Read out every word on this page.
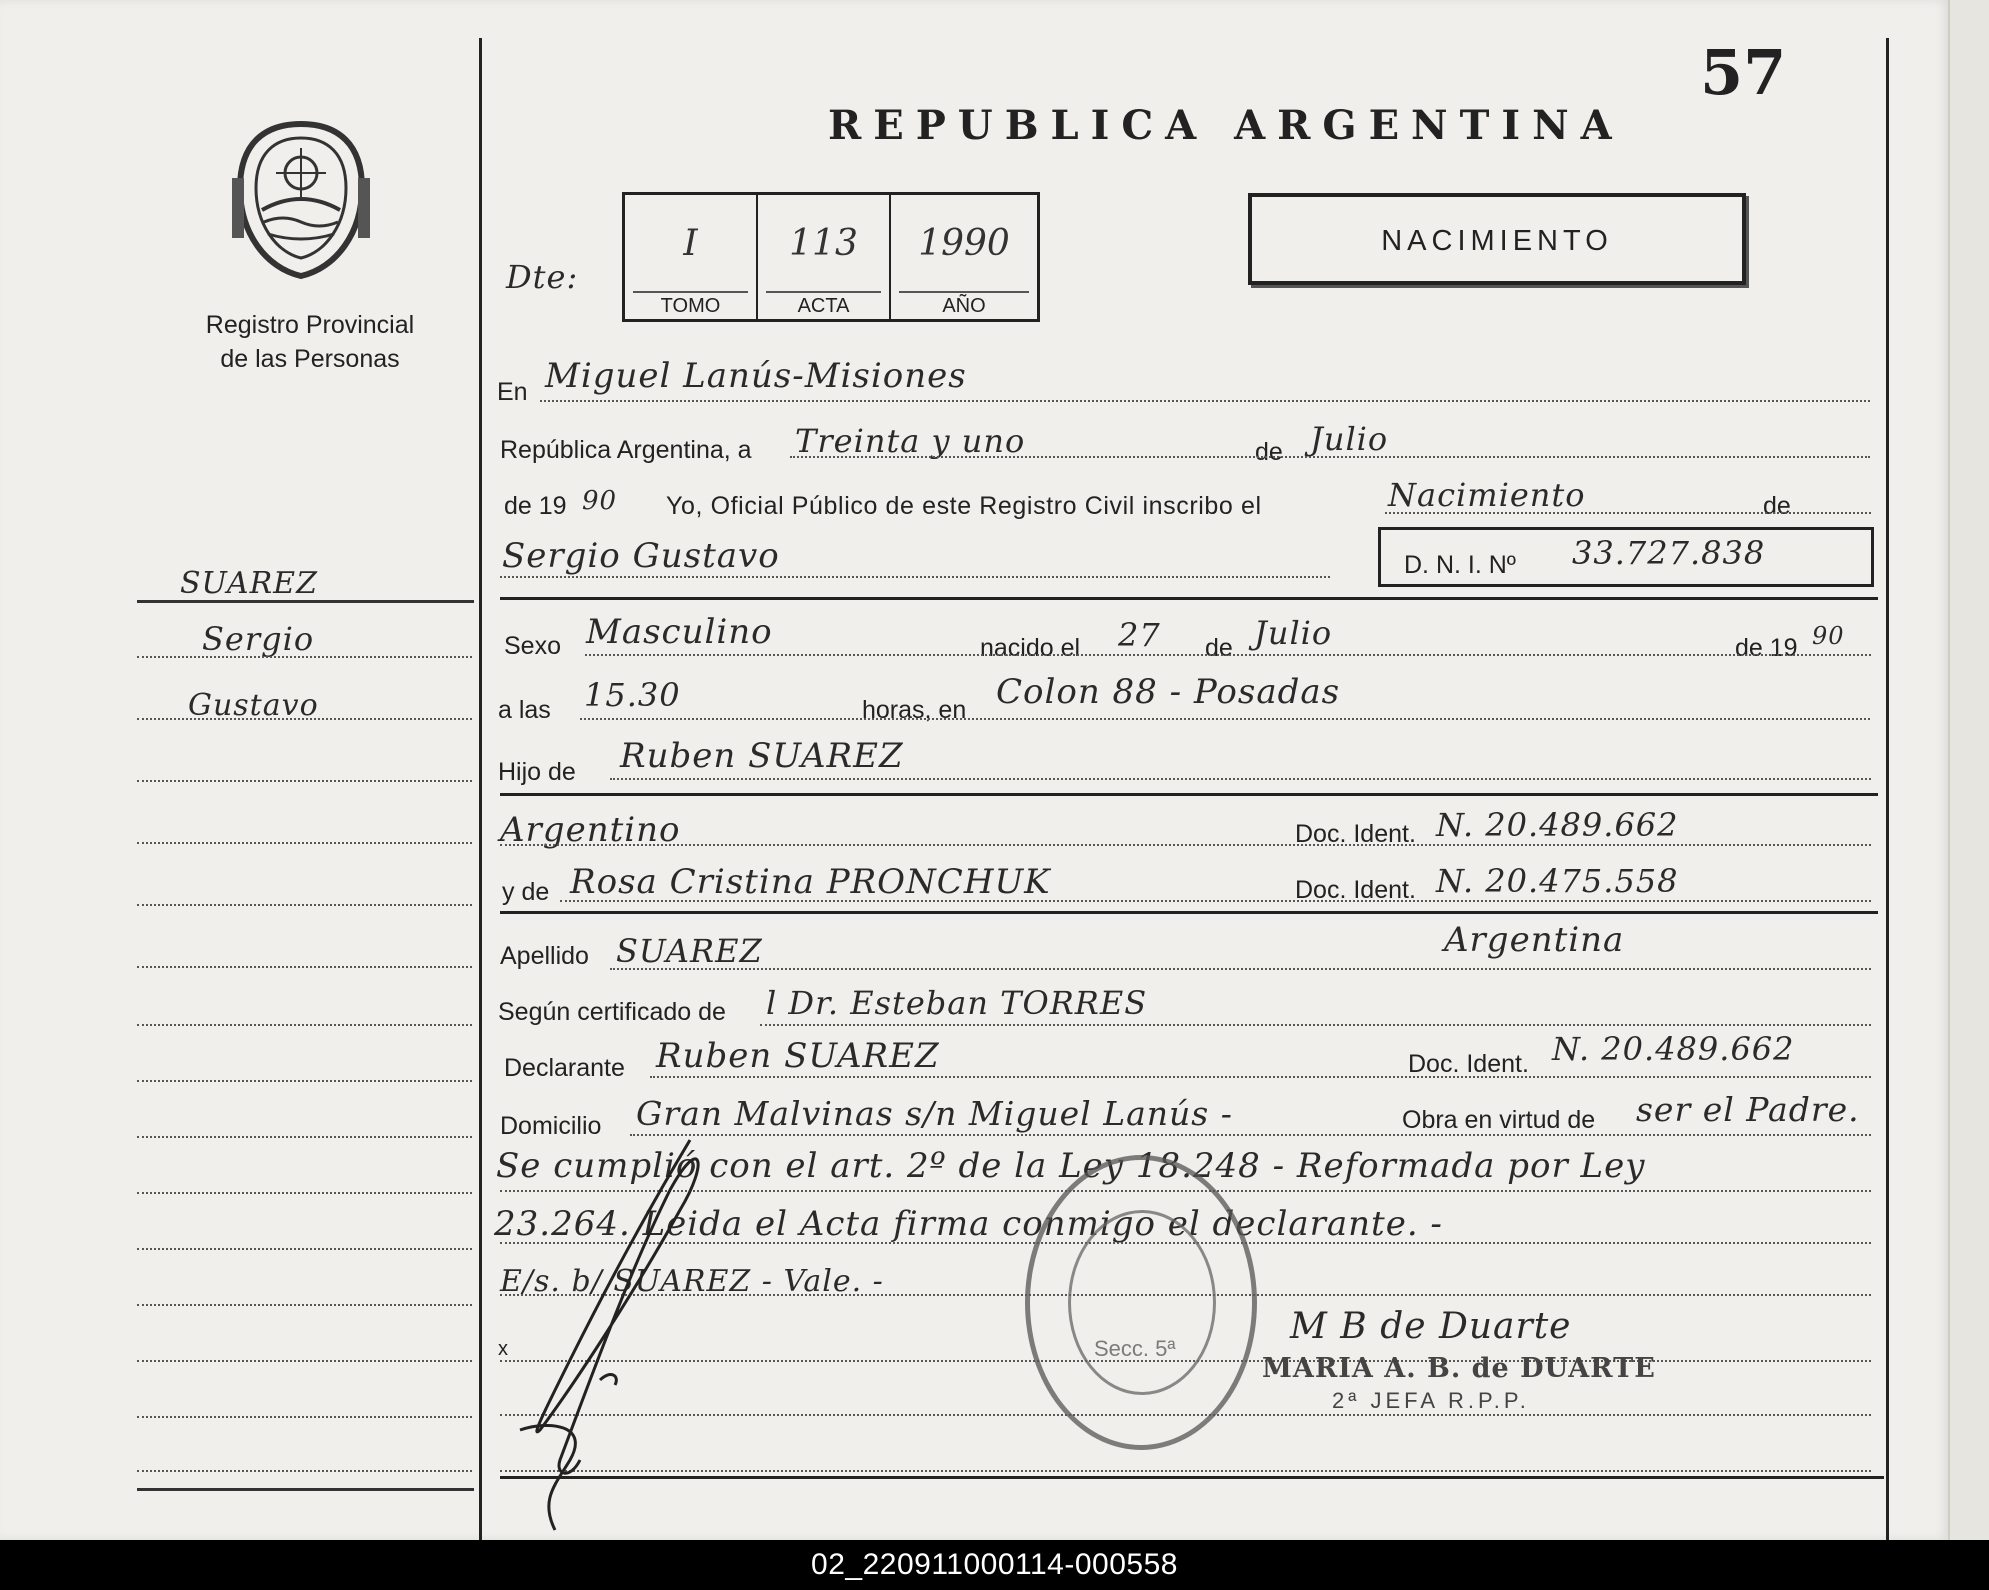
57
REPUBLICA ARGENTINA
Registro Provincial
de las Personas
Dte:
I
TOMO
113
ACTA
1990
AÑO
NACIMIENTO
SUAREZ
Sergio
Gustavo
En Miguel Lanús-Misiones
República Argentina, a Treinta y uno	de Julio
de 19 90 Yo, Oficial Público de este Registro Civil inscribo el	Nacimiento	de
Sergio Gustavo	D. N. I. Nº 33.727.838
Sexo Masculino	nacido el 27 de Julio	de 19 90
a las 15.30	horas, en Colon 88 - Posadas
Hijo de Ruben SUAREZ
Argentino	Doc. Ident. N. 20.489.662
y de Rosa Cristina PRONCHUK	Doc. Ident. N. 20.475.558
Apellido SUAREZ	Argentina
Según certificado de l Dr. Esteban TORRES
Declarante Ruben SUAREZ	Doc. Ident. N. 20.489.662
Domicilio Gran Malvinas s/n Miguel Lanús -	Obra en virtud de ser el Padre.
Se cumplió con el art. 2º de la Ley 18.248 - Reformada por Ley
23.264. Leida el Acta firma conmigo el declarante. -
E/s. b/ SUAREZ - Vale. -
x	Secc. 5ª
M B de Duarte
MARIA A. B. de DUARTE
2ª JEFA R.P.P.
02_220911000114-000558
